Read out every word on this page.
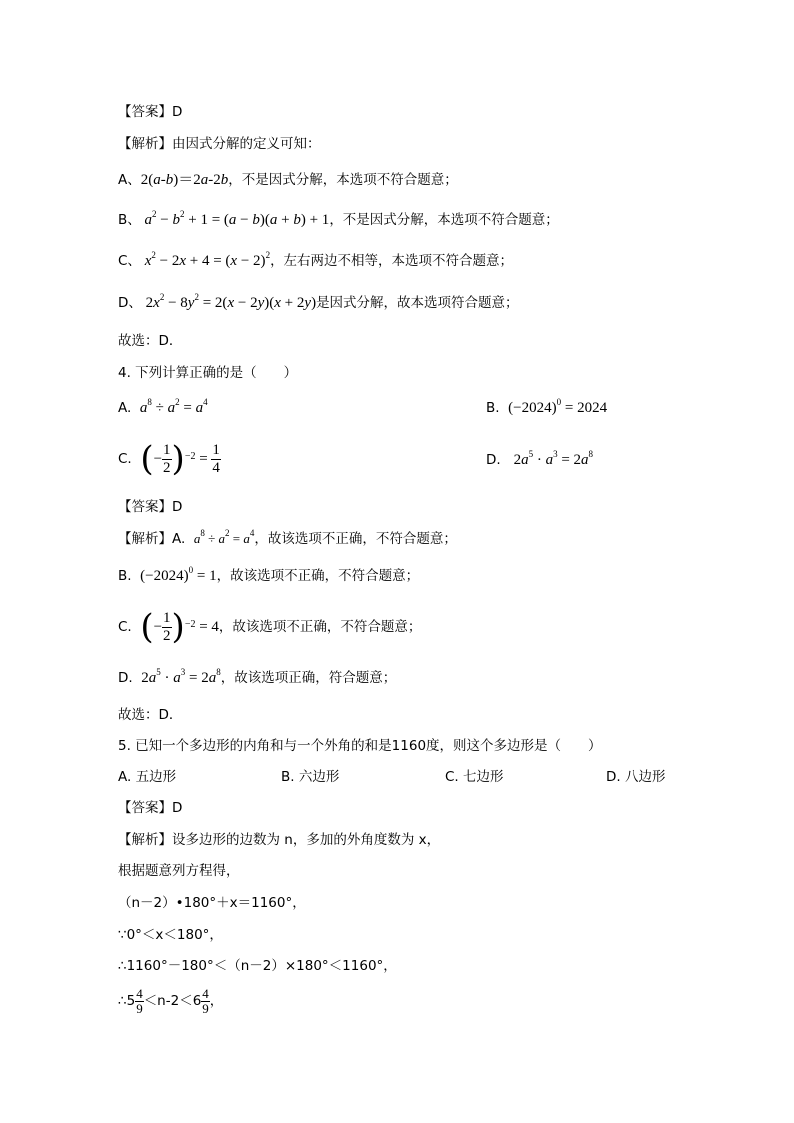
【答案】D
【解析】由因式分解的定义可知：
A、2(a-b)＝2a-2b，不是因式分解，本选项不符合题意；
B、 $a^2 - b^2 + 1 = (a - b)(a + b) + 1$，不是因式分解，本选项不符合题意；
C、 $x^2 - 2x + 4 = (x - 2)^2$，左右两边不相等，本选项不符合题意；
D、 $2x^2 - 8y^2 = 2(x - 2y)(x + 2y)$是因式分解，故本选项符合题意；
故选：D．
4. 下列计算正确的是（　　）
A. $a^8 \div a^2 = a^4$	B. $(-2024)^0 = 2024$
C. (− $\frac{1}{2} )-2 = \frac{1}{4}$	D. $2a^5 \cdot a^3 = 2a^8$
【答案】D
【解析】A. $a^8 \div a^2 = a^4$，故该选项不正确，不符合题意；
B. $(-2024)^0 = 1$，故该选项不正确，不符合题意；
C. (− $\frac{1}{2} )-2 = 4$，故该选项不正确，不符合题意；
D. $2a^5 \cdot a^3 = 2a^8$，故该选项正确，符合题意；
故选：D．
5. 已知一个多边形的内角和与一个外角的和是1160度，则这个多边形是（　　）
A. 五边形	B. 六边形	C. 七边形	D. 八边形
【答案】D
【解析】设多边形的边数为 n，多加的外角度数为 x，
根据题意列方程得，
（n－2）•180°＋x＝1160°，
∵0°＜x＜180°，
∴1160°－180°＜（n－2）×180°＜1160°，
∴5 $\frac{4}{9} <n-2<6 \frac{4}{9}$ ，
